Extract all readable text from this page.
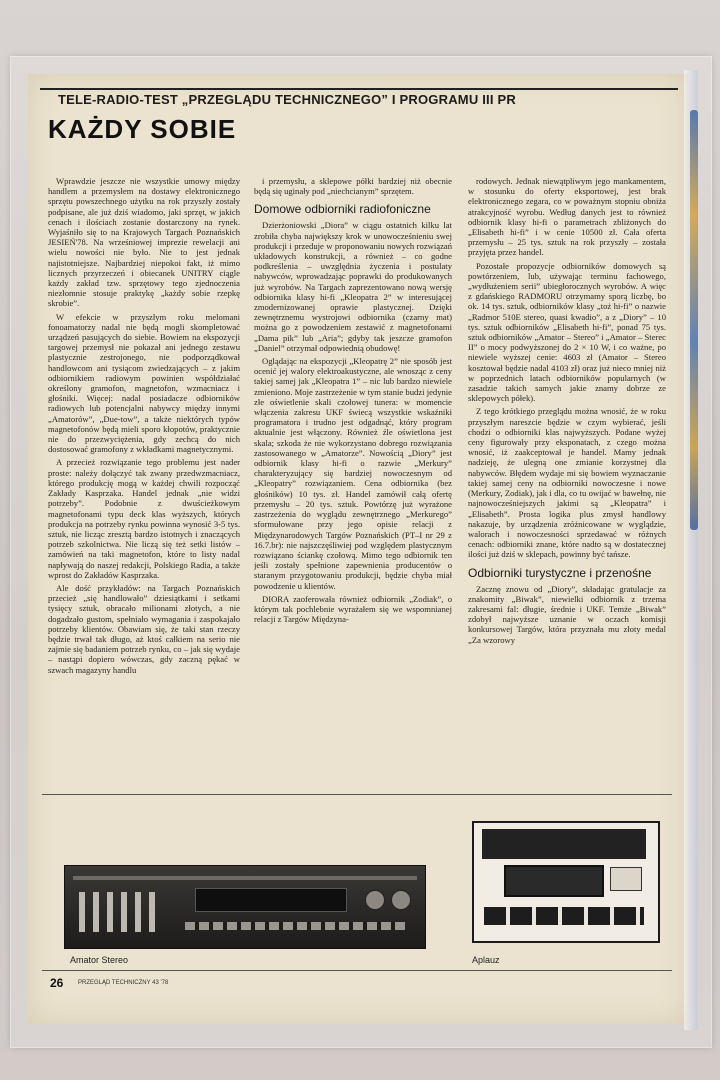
TELE-RADIO-TEST „PRZEGLĄDU TECHNICZNEGO” I PROGRAMU III PR
KAŻDY SOBIE

Wprawdzie jeszcze nie wszystkie umowy między handlem a przemysłem na dostawy elektronicznego sprzętu powszechnego użytku na rok przyszły zostały podpisane, ale już dziś wiadomo, jaki sprzęt, w jakich cenach i ilościach zostanie dostarczony na rynek. Wyjaśniło się to na Krajowych Targach Poznańskich JESIEŃ'78. Na wrześniowej imprezie rewelacji ani wielu nowości nie było. Nie to jest jednak najistotniejsze. Najbardziej niepokoi fakt, iż mimo licznych przyrzeczeń i obiecanek UNITRY ciągle każdy zakład tzw. sprzętowy tego zjednoczenia niezłomnie stosuje praktykę „każdy sobie rzepkę skrobie”.

W efekcie w przyszłym roku melomani fonoamatorzy nadal nie będą mogli skompletować urządzeń pasujących do siebie. Bowiem na ekspozycji targowej przemysł nie pokazał ani jednego zestawu plastycznie zestrojonego, nie podporządkował handlowcom ani tysiącom zwiedzających – z jakim odbiornikiem radiowym powinien współdziałać określony gramofon, magnetofon, wzmacniacz i głośniki. Więcej: nadal posiadacze odbiorników radiowych lub potencjalni nabywcy między innymi „Amatorów”, „Due-tow”, a także niektórych typów magnetofonów będą mieli sporo kłopotów, praktycznie nie do przezwyciężenia, gdy zechcą do nich dostosować gramofony z wkładkami magnetycznymi.

A przecież rozwiązanie tego problemu jest nader proste: należy dołączyć tak zwany przedwzmacniacz, którego produkcję mogą w każdej chwili rozpocząć Zakłady Kasprzaka. Handel jednak „nie widzi potrzeby”. Podobnie z dwuścieżkowym magnetofonami typu deck klas wyższych, których produkcja na potrzeby rynku powinna wynosić 3-5 tys. sztuk, nie licząc zresztą bardzo istotnych i znaczących potrzeb szkolnictwa. Nie liczą się też setki listów – zamówień na taki magnetofon, które to listy nadal napływają do naszej redakcji, Polskiego Radia, a także wprost do Zakładów Kasprzaka.

Ale dość przykładów: na Targach Poznańskich przecież „się handlowało” dziesiątkami i setkami tysięcy sztuk, obracało milionami złotych, a nie dogadzało gustom, spełniało wymagania i zaspokajało potrzeby klientów. Obawiam się, że taki stan rzeczy będzie trwał tak długo, aż ktoś całkiem na serio nie zajmie się badaniem potrzeb rynku, co – jak się wydaje – nastąpi dopiero wówczas, gdy zaczną pękać w szwach magazyny handlu

i przemysłu, a sklepowe półki bardziej niż obecnie będą się uginały pod „niechcianym” sprzętem.

Domowe odbiorniki radiofoniczne

Dzierżoniowski „Diora” w ciągu ostatnich kilku lat zrobiła chyba największy krok w unowocześnieniu swej produkcji i przeduje w proponowaniu nowych rozwiązań układowych konstrukcji, a również – co godne podkreślenia – uwzględnia życzenia i postulaty nabywców, wprowadzając poprawki do produkowanych już wyrobów. Na Targach zaprezentowano nową wersję odbiornika klasy hi-fi „Kleopatra 2” w interesującej zmodernizowanej oprawie plastycznej. Dzięki zewnętrznemu wystrojowi odbiornika (czarny mat) można go z powodzeniem zestawić z magnetofonami „Dama pik” lub „Aria”; gdyby tak jeszcze gramofon „Daniel” otrzymał odpowiednią obudowę!

Oglądając na ekspozycji „Kleopatrę 2” nie sposób jest ocenić jej walory elektroakustyczne, ale wnosząc z ceny takiej samej jak „Kleopatra 1” – nic lub bardzo niewiele zmieniono. Moje zastrzeżenie w tym stanie budzi jedynie złe oświetlenie skali czołowej tunera: w momencie włączenia zakresu UKF świecą wszystkie wskaźniki programatora i trudno jest odgadnąć, który program aktualnie jest włączony. Również źle oświetlona jest skala; szkoda że nie wykorzystano dobrego rozwiązania zastosowanego w „Amatorze”. Nowością „Diory” jest odbiornik klasy hi-fi o razwie „Merkury” charakteryzujący się bardziej nowoczesnym od „Kleopatry” rozwiązaniem. Cena odbiornika (bez głośników) 10 tys. zł. Handel zamówił całą ofertę przemysłu – 20 tys. sztuk. Powtórzę już wyrażone zastrzeżenia do wyglądu zewnętrznego „Merkurego” sformułowane przy jego opisie relacji z Międzynarodowych Targów Poznańskich (PT–I nr 29 z 16.7.br): nie najszczęśliwiej pod względem plastycznym rozwiązano ściankę czołową. Mimo tego odbiornik ten jeśli zostały spełnione zapewnienia producentów o staranym przygotowaniu produkcji, będzie chyba miał powodzenie u klientów.

DIORA zaoferowała również odbiornik „Zodiak”, o którym tak pochlebnie wyrażałem się we wspomnianej relacji z Targów Międzyna-

rodowych. Jednak niewątpliwym jego mankamentem, w stosunku do oferty eksportowej, jest brak elektronicznego zegara, co w poważnym stopniu obniża atrakcyjność wyrobu. Według danych jest to również odbiornik klasy hi-fi o parametrach zbliżonych do „Elisabeth hi-fi” i w cenie 10500 zł. Cała oferta przemysłu – 25 tys. sztuk na rok przyszły – została przyjęta przez handel.

Pozostałe propozycje odbiorników domowych są powtórzeniem, lub, używając terminu fachowego, „wydłużeniem serii” ubiegłorocznych wyrobów. A więc z gdańskiego RADMORU otrzymamy sporą liczbę, bo ok. 14 tys. sztuk, odbiorników klasy „toż hi-fi” o nazwie „Radmor 510E stereo, quasi kwadio”, a z „Diory” – 10 tys. sztuk odbiorników „Elisabeth hi-fi”, ponad 75 tys. sztuk odbiorników „Amator – Stereo” i „Amator – Sterec II” o mocy podwyższonej do 2 × 10 W, i co ważne, po niewiele wyższej cenie: 4603 zł (Amator – Stereo kosztował będzie nadal 4103 zł) oraz już nieco mniej niż w poprzednich latach odbiorników popularnych (w zasadzie takich samych jakie znamy dobrze ze sklepowych półek).

Z tego krótkiego przeglądu można wnosić, że w roku przyszłym nareszcie będzie w czym wybierać, jeśli chodzi o odbiorniki klas najwyższych. Podane wyżej ceny figurowały przy eksponatach, z czego można wnosić, iż zaakceptował je handel. Mamy jednak nadzieję, że ulegną one zmianie korzystnej dla nabywców. Błędem wydaje mi się bowiem wyznaczanie takiej samej ceny na odbiorniki nowoczesne i nowe (Merkury, Zodiak), jak i dla, co tu owijać w bawełnę, nie najnowocześniejszych jakimi są „Kleopatra” i „Elisabeth”. Prosta logika plus zmysł handlowy nakazuje, by urządzenia zróżnicowane w wyglądzie, walorach i nowoczesności sprzedawać w różnych cenach: odbiorniki znane, które nadto są w dostatecznej ilości już dziś w sklepach, powinny być tańsze.

Odbiorniki turystyczne i przenośne

Zacznę znowu od „Diory”, składając gratulacje za znakomity „Biwak”, niewielki odbiornik z trzema zakresami fal: długie, średnie i UKF. Temże „Biwak” zdobył najwyższe uznanie w oczach komisji konkursowej Targów, która przyznała mu złoty medal „Za wzorowy

Amator Stereo	Aplauz
26 PRZEGLĄD TECHNICZNY 43 '78
